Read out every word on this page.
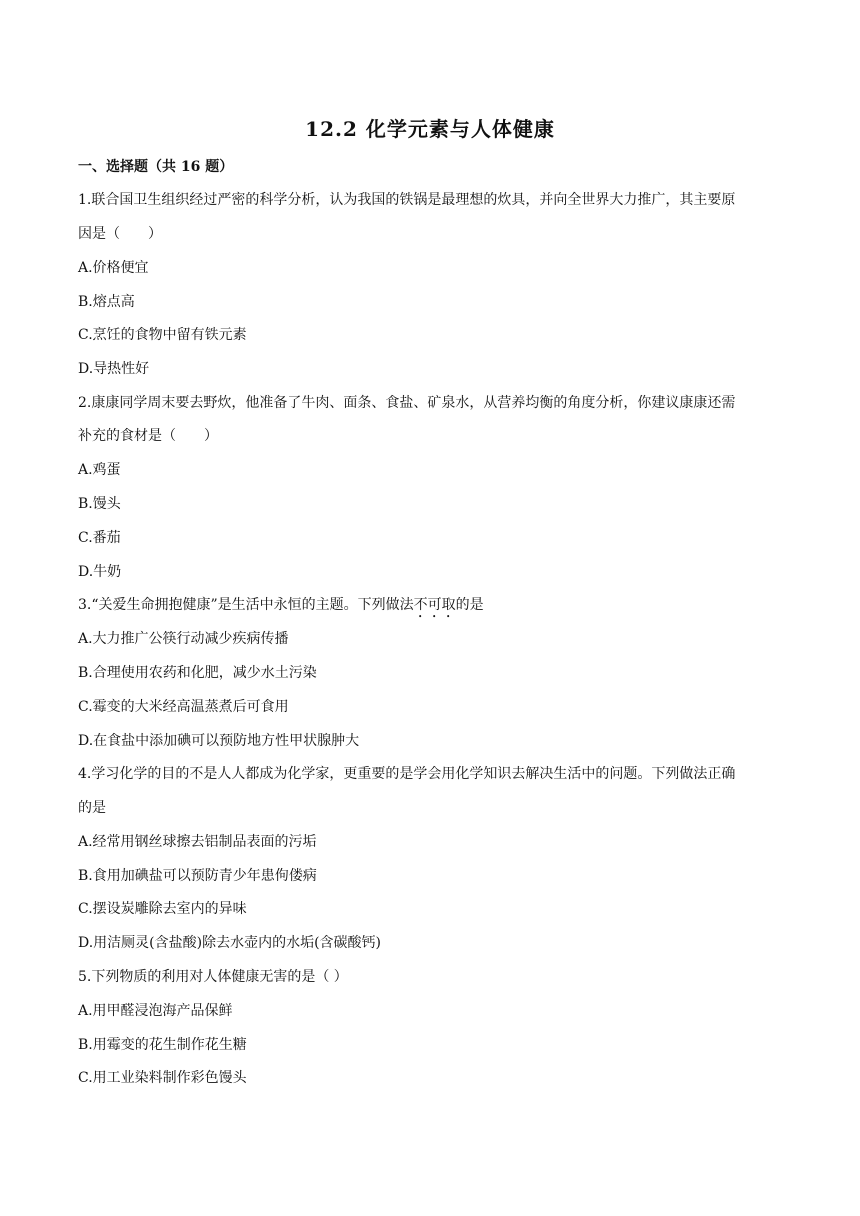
12.2 化学元素与人体健康
一、选择题（共 16 题）
1.联合国卫生组织经过严密的科学分析，认为我国的铁锅是最理想的炊具，并向全世界大力推广，其主要原
因是（　　）
A.价格便宜
B.熔点高
C.烹饪的食物中留有铁元素
D.导热性好
2.康康同学周末要去野炊，他准备了牛肉、面条、食盐、矿泉水，从营养均衡的角度分析，你建议康康还需
补充的食材是（　　）
A.鸡蛋
B.馒头
C.番茄
D.牛奶
3.“关爱生命拥抱健康”是生活中永恒的主题。下列做法不可取的是
A.大力推广公筷行动减少疾病传播
B.合理使用农药和化肥，减少水土污染
C.霉变的大米经高温蒸煮后可食用
D.在食盐中添加碘可以预防地方性甲状腺肿大
4.学习化学的目的不是人人都成为化学家，更重要的是学会用化学知识去解决生活中的问题。下列做法正确
的是
A.经常用钢丝球擦去铝制品表面的污垢
B.食用加碘盐可以预防青少年患佝偻病
C.摆设炭雕除去室内的异味
D.用洁厕灵(含盐酸)除去水壶内的水垢(含碳酸钙)
5.下列物质的利用对人体健康无害的是（ ）
A.用甲醛浸泡海产品保鲜
B.用霉变的花生制作花生糖
C.用工业染料制作彩色馒头
